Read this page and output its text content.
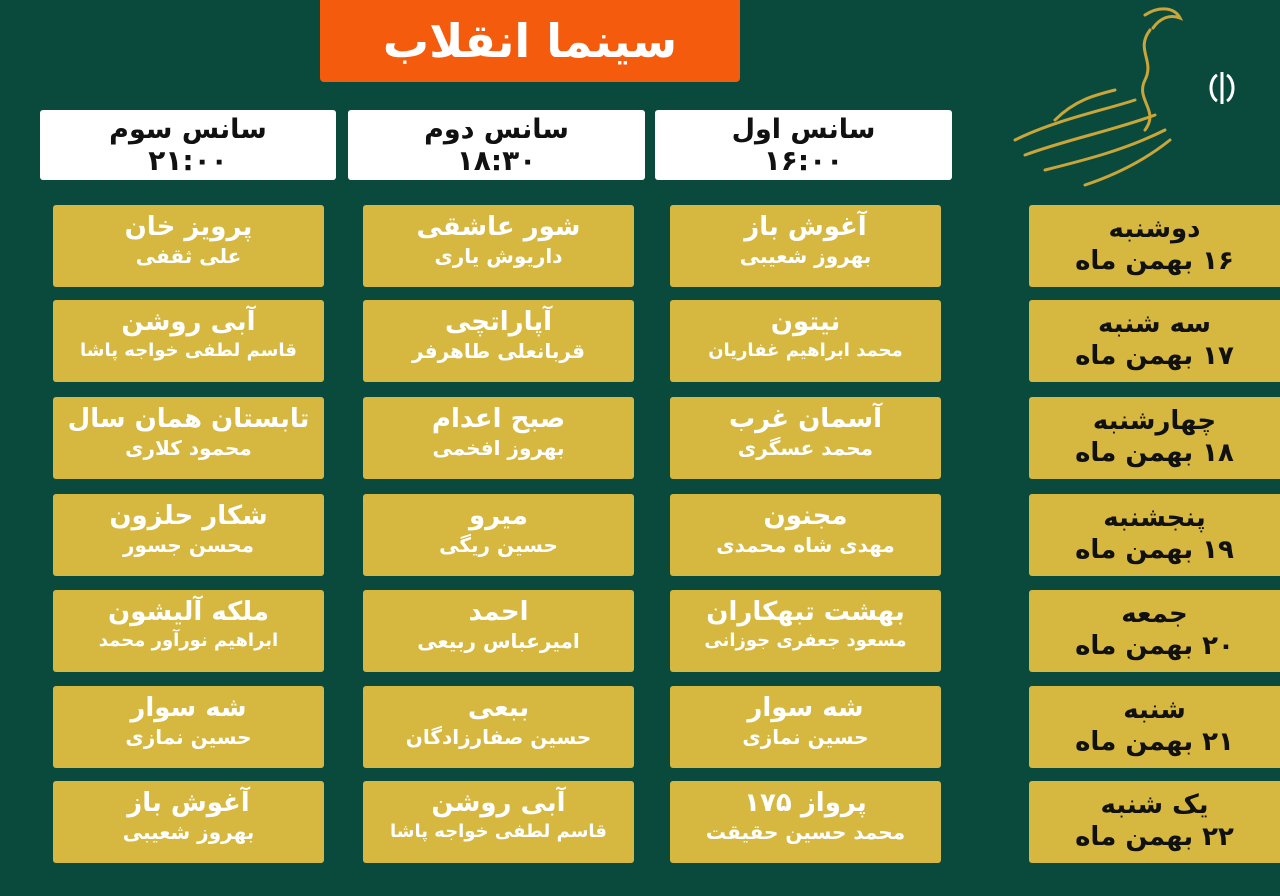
سینما انقلاب
سانس اول
۱۶:۰۰
سانس دوم
۱۸:۳۰
سانس سوم
۲۱:۰۰
دوشنبه
۱۶ بهمن ماه
آغوش باز
بهروز شعیبی
شور عاشقی
داریوش یاری
پرویز خان
علی ثقفی
سه شنبه
۱۷ بهمن ماه
نیتون
محمد ابراهیم غفاریان
آپاراتچی
قربانعلی طاهرفر
آبی روشن
قاسم لطفی خواجه پاشا
چهارشنبه
۱۸ بهمن ماه
آسمان غرب
محمد عسگری
صبح اعدام
بهروز افخمی
تابستان همان سال
محمود کلاری
پنجشنبه
۱۹ بهمن ماه
مجنون
مهدی شاه محمدی
میرو
حسین ریگی
شکار حلزون
محسن جسور
جمعه
۲۰ بهمن ماه
بهشت تبهکاران
مسعود جعفری جوزانی
احمد
امیرعباس ربیعی
ملکه آلیشون
ابراهیم نورآور محمد
شنبه
۲۱ بهمن ماه
شه سوار
حسین نمازی
ببعی
حسین صفارزادگان
شه سوار
حسین نمازی
یک شنبه
۲۲ بهمن ماه
پرواز ۱۷۵
محمد حسین حقیقت
آبی روشن
قاسم لطفی خواجه پاشا
آغوش باز
بهروز شعیبی
